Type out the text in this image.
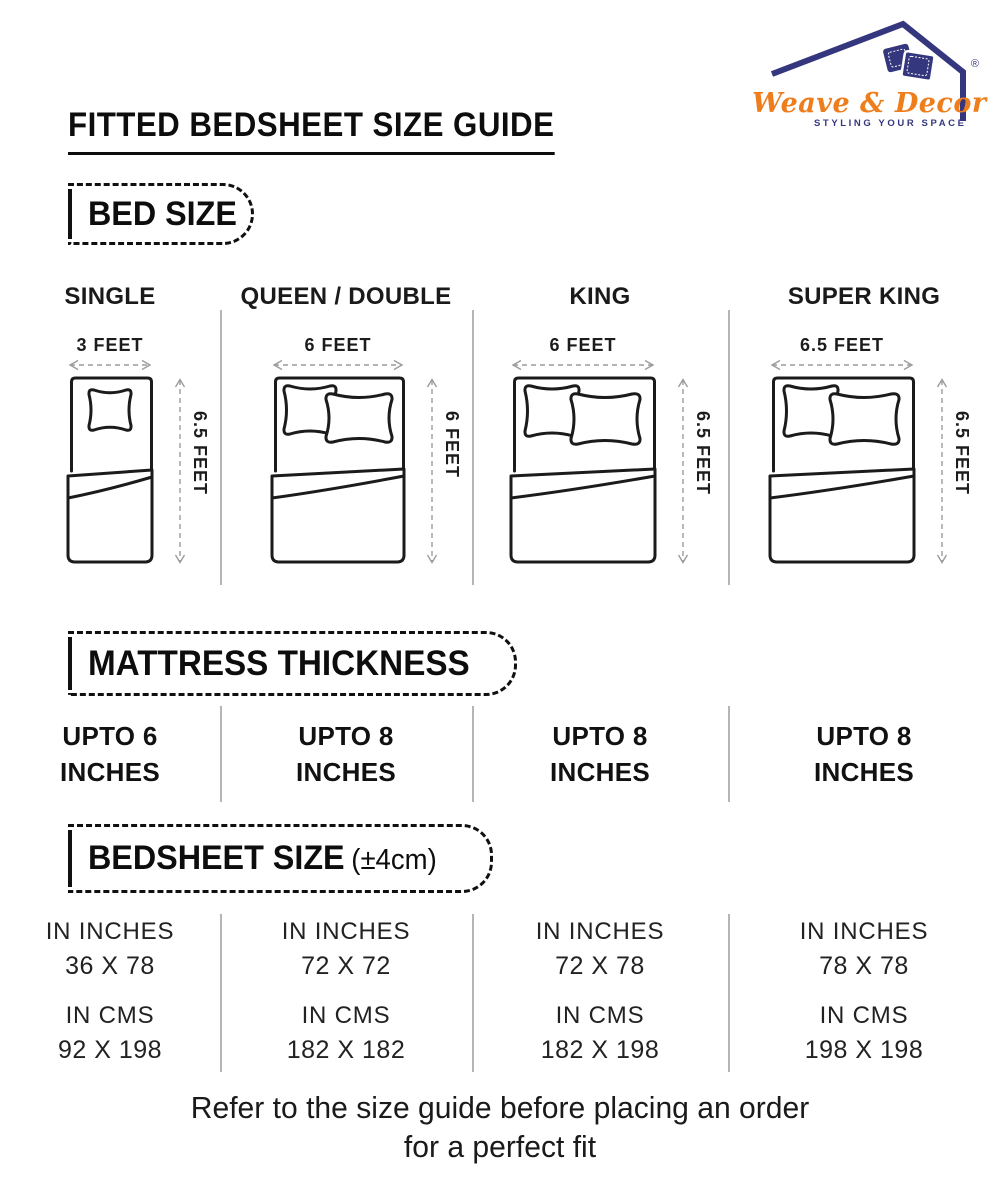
Weave & Decor
®
STYLING YOUR SPACE
FITTED BEDSHEET SIZE GUIDE
BED SIZE
SINGLE
3 FEET
6.5 FEET
QUEEN / DOUBLE
6 FEET
6 FEET
KING
6 FEET
6.5 FEET
SUPER KING
6.5 FEET
6.5 FEET
MATTRESS THICKNESS
UPTO 6
INCHES
UPTO 8
INCHES
UPTO 8
INCHES
UPTO 8
INCHES
BEDSHEET SIZE (±4cm)

IN INCHES

36 X 78

IN CMS

92 X 198

IN INCHES

72 X 72

IN CMS

182 X 182

IN INCHES

72 X 78

IN CMS

182 X 198

IN INCHES

78 X 78

IN CMS

198 X 198

Refer to the size guide before placing an order
for a perfect fit
